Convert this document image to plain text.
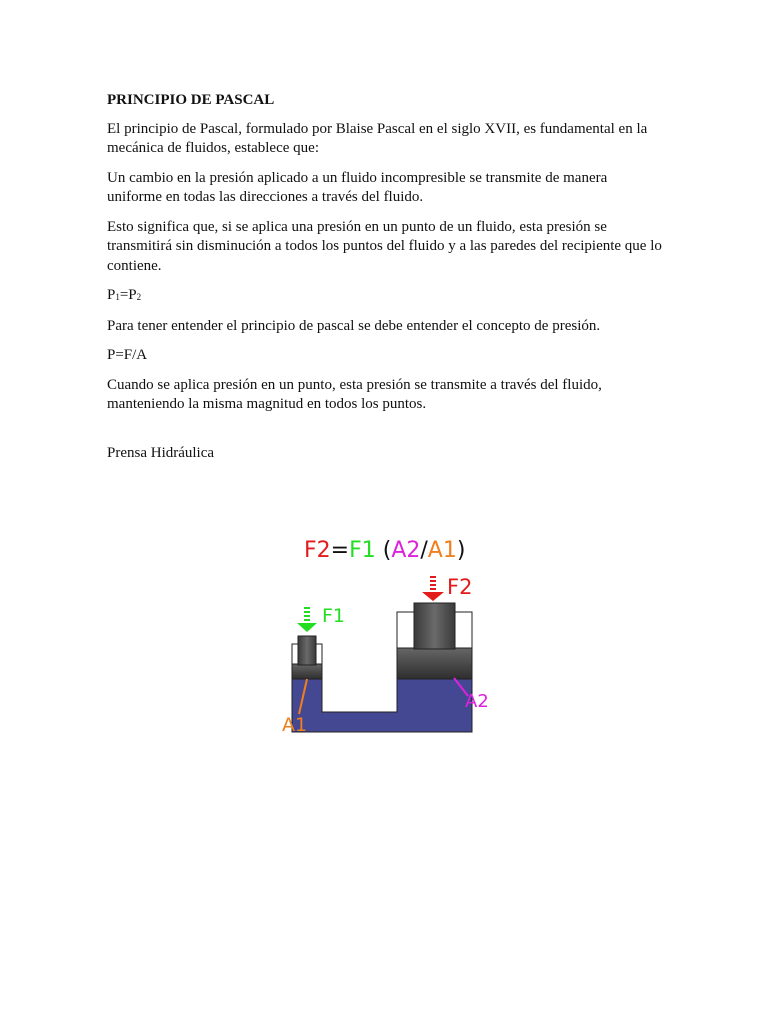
PRINCIPIO DE PASCAL

El principio de Pascal, formulado por Blaise Pascal en el siglo XVII, es fundamental en la mecánica de fluidos, establece que:

Un cambio en la presión aplicado a un fluido incompresible se transmite de manera uniforme en todas las direcciones a través del fluido.

Esto significa que, si se aplica una presión en un punto de un fluido, esta presión se transmitirá sin disminución a todos los puntos del fluido y a las paredes del recipiente que lo contiene.

$P_1=P_2$

Para tener entender el principio de pascal se debe entender el concepto de presión.

P=F/A

Cuando se aplica presión en un punto, esta presión se transmite a través del fluido, manteniendo la misma magnitud en todos los puntos.

Prensa Hidráulica

F2=F1 (A2/A1)
F1
F2
A1
A2
